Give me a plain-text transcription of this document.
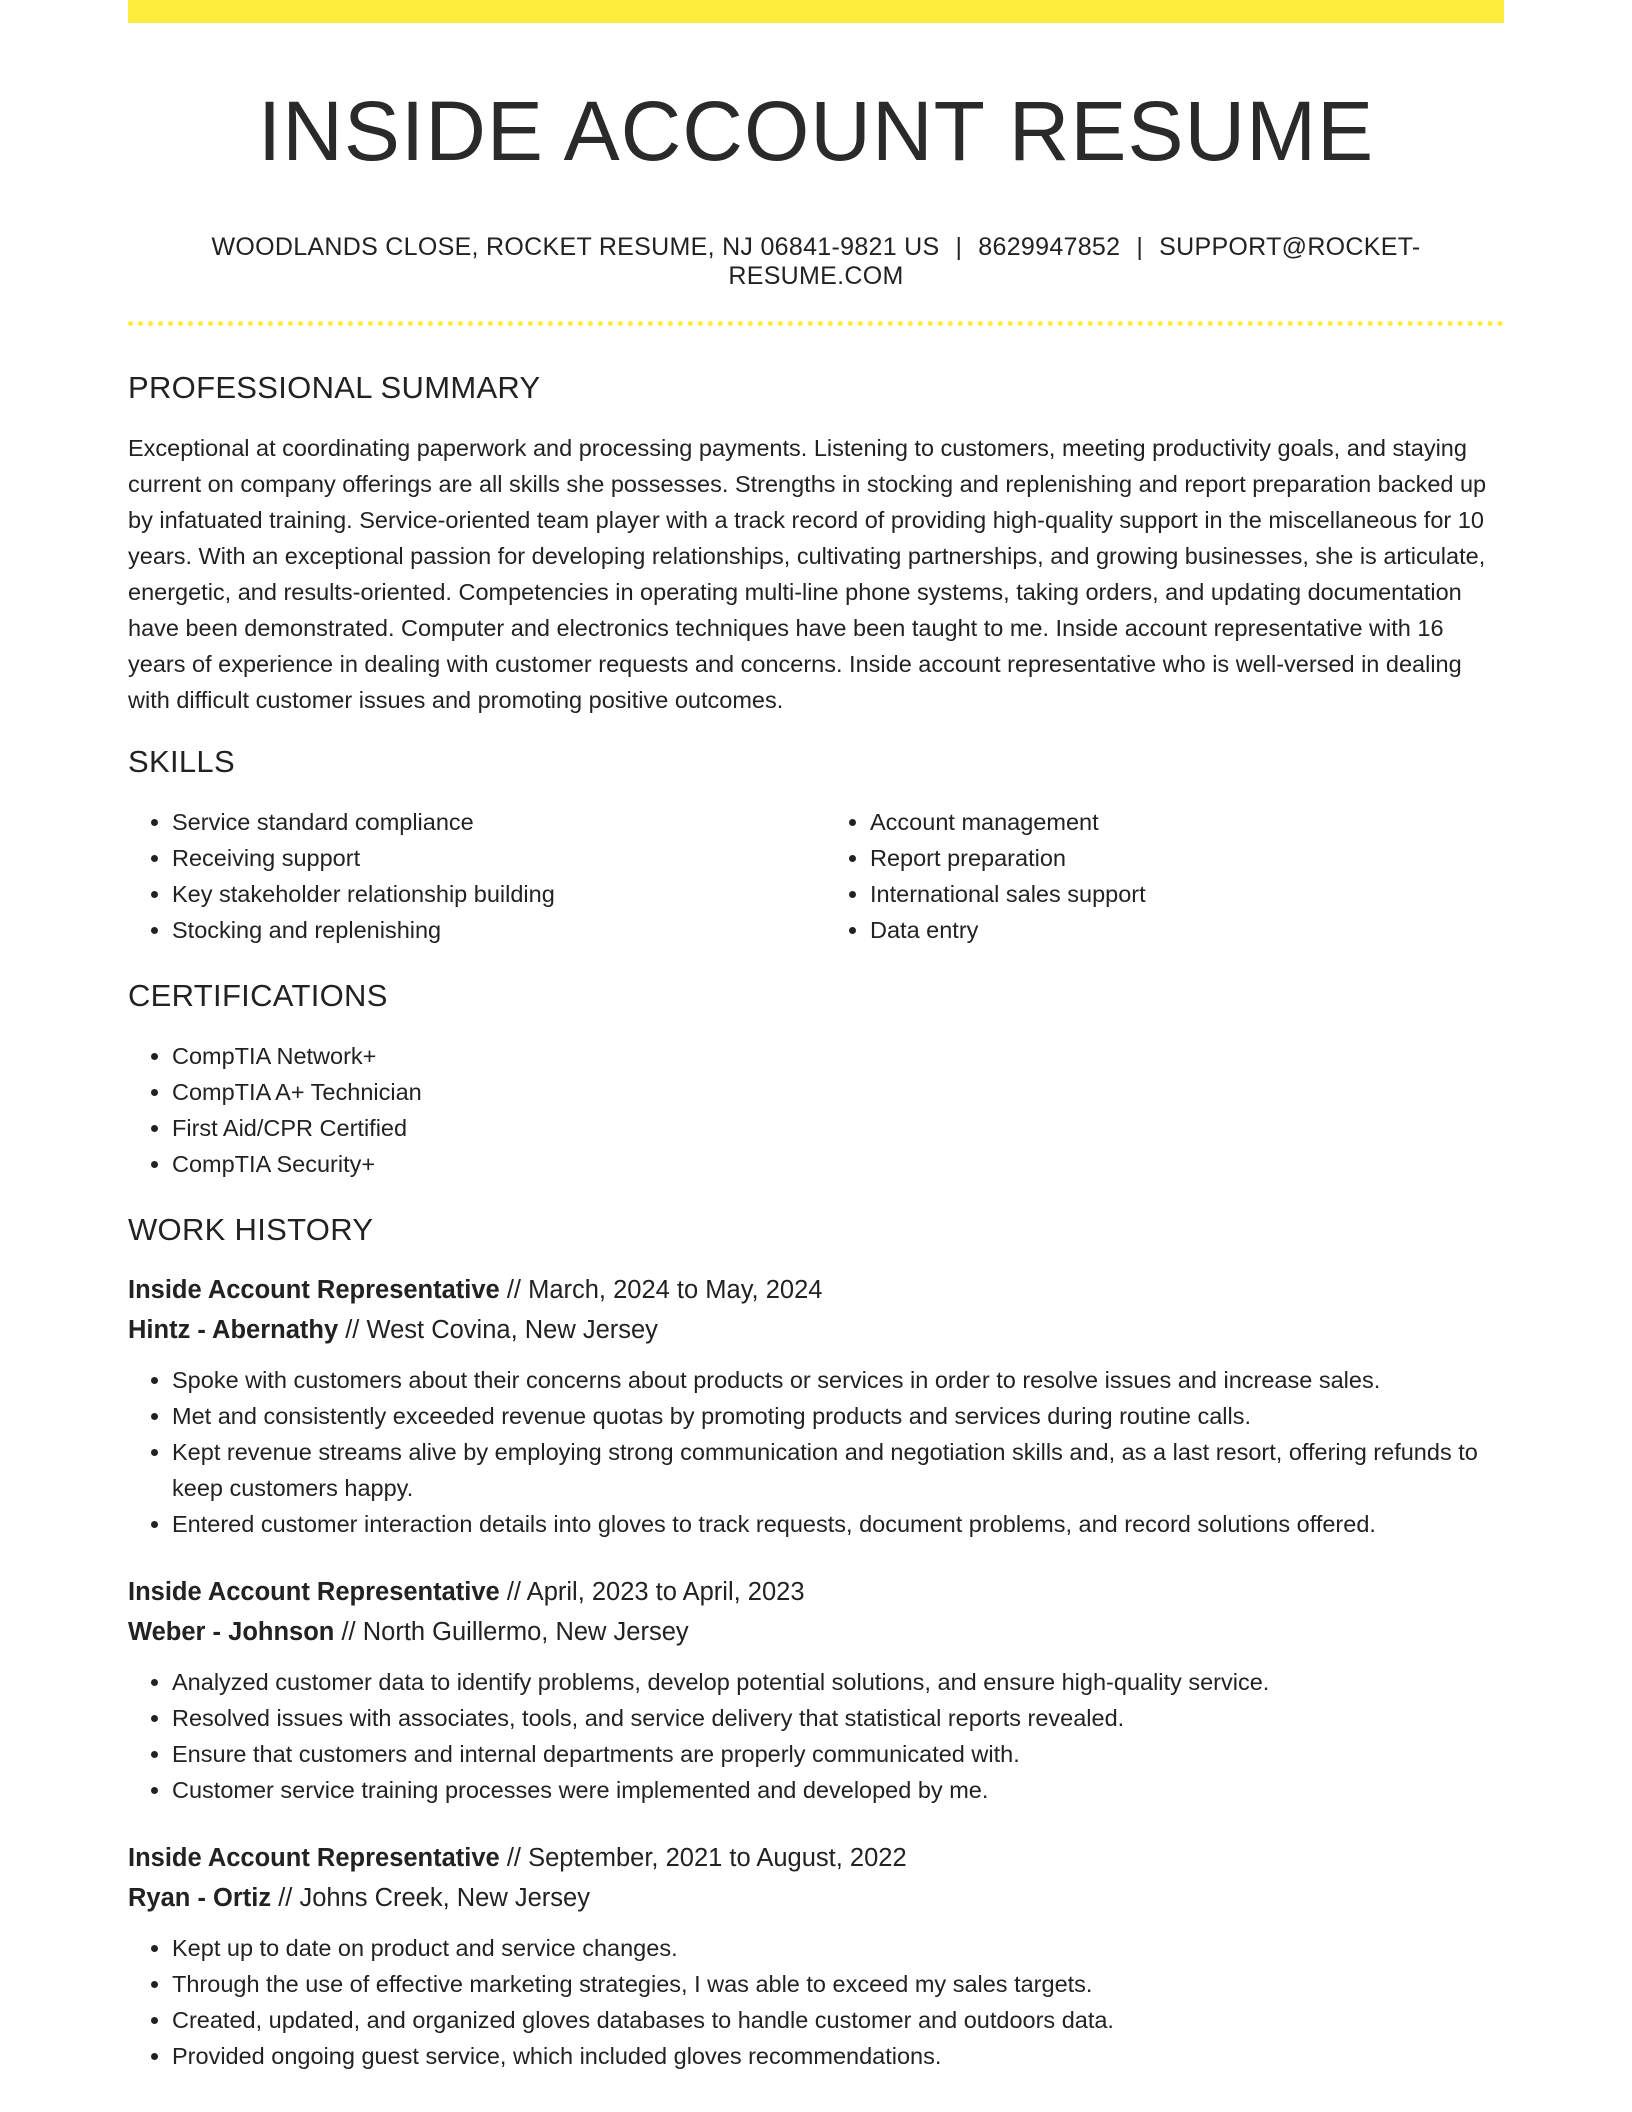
INSIDE ACCOUNT RESUME
WOODLANDS CLOSE, ROCKET RESUME, NJ 06841-9821 US | 8629947852 | SUPPORT@ROCKET-RESUME.COM
PROFESSIONAL SUMMARY
Exceptional at coordinating paperwork and processing payments. Listening to customers, meeting productivity goals, and staying current on company offerings are all skills she possesses. Strengths in stocking and replenishing and report preparation backed up by infatuated training. Service-oriented team player with a track record of providing high-quality support in the miscellaneous for 10 years. With an exceptional passion for developing relationships, cultivating partnerships, and growing businesses, she is articulate, energetic, and results-oriented. Competencies in operating multi-line phone systems, taking orders, and updating documentation have been demonstrated. Computer and electronics techniques have been taught to me. Inside account representative with 16 years of experience in dealing with customer requests and concerns. Inside account representative who is well-versed in dealing with difficult customer issues and promoting positive outcomes.
SKILLS
• Service standard compliance
• Receiving support
• Key stakeholder relationship building
• Stocking and replenishing
• Account management
• Report preparation
• International sales support
• Data entry
CERTIFICATIONS
• CompTIA Network+
• CompTIA A+ Technician
• First Aid/CPR Certified
• CompTIA Security+
WORK HISTORY
Inside Account Representative // March, 2024 to May, 2024
Hintz - Abernathy // West Covina, New Jersey
• Spoke with customers about their concerns about products or services in order to resolve issues and increase sales.
• Met and consistently exceeded revenue quotas by promoting products and services during routine calls.
• Kept revenue streams alive by employing strong communication and negotiation skills and, as a last resort, offering refunds to keep customers happy.
• Entered customer interaction details into gloves to track requests, document problems, and record solutions offered.
Inside Account Representative // April, 2023 to April, 2023
Weber - Johnson // North Guillermo, New Jersey
• Analyzed customer data to identify problems, develop potential solutions, and ensure high-quality service.
• Resolved issues with associates, tools, and service delivery that statistical reports revealed.
• Ensure that customers and internal departments are properly communicated with.
• Customer service training processes were implemented and developed by me.
Inside Account Representative // September, 2021 to August, 2022
Ryan - Ortiz // Johns Creek, New Jersey
• Kept up to date on product and service changes.
• Through the use of effective marketing strategies, I was able to exceed my sales targets.
• Created, updated, and organized gloves databases to handle customer and outdoors data.
• Provided ongoing guest service, which included gloves recommendations.
